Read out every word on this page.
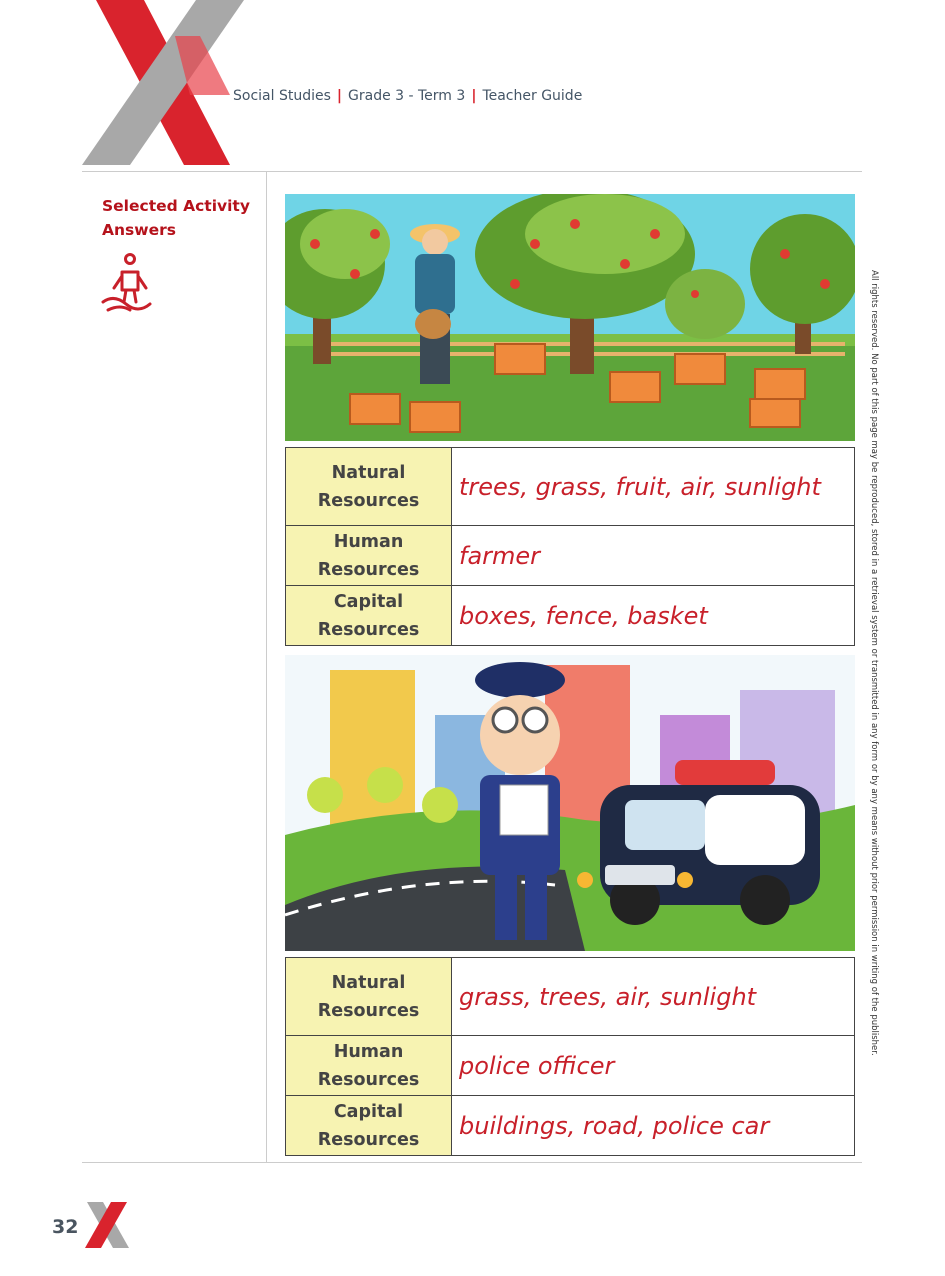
Social Studies | Grade 3 - Term 3 | Teacher Guide
Selected Activity Answers
Natural Resources	trees, grass, fruit, air, sunlight
Human Resources	farmer
Capital Resources	boxes, fence, basket
Natural Resources	grass, trees, air, sunlight
Human Resources	police officer
Capital Resources	buildings, road, police car
All rights reserved. No part of this page may be reproduced, stored in a retrieval system or transmitted in any form or by any means without prior permission in writing of the publisher.
32
